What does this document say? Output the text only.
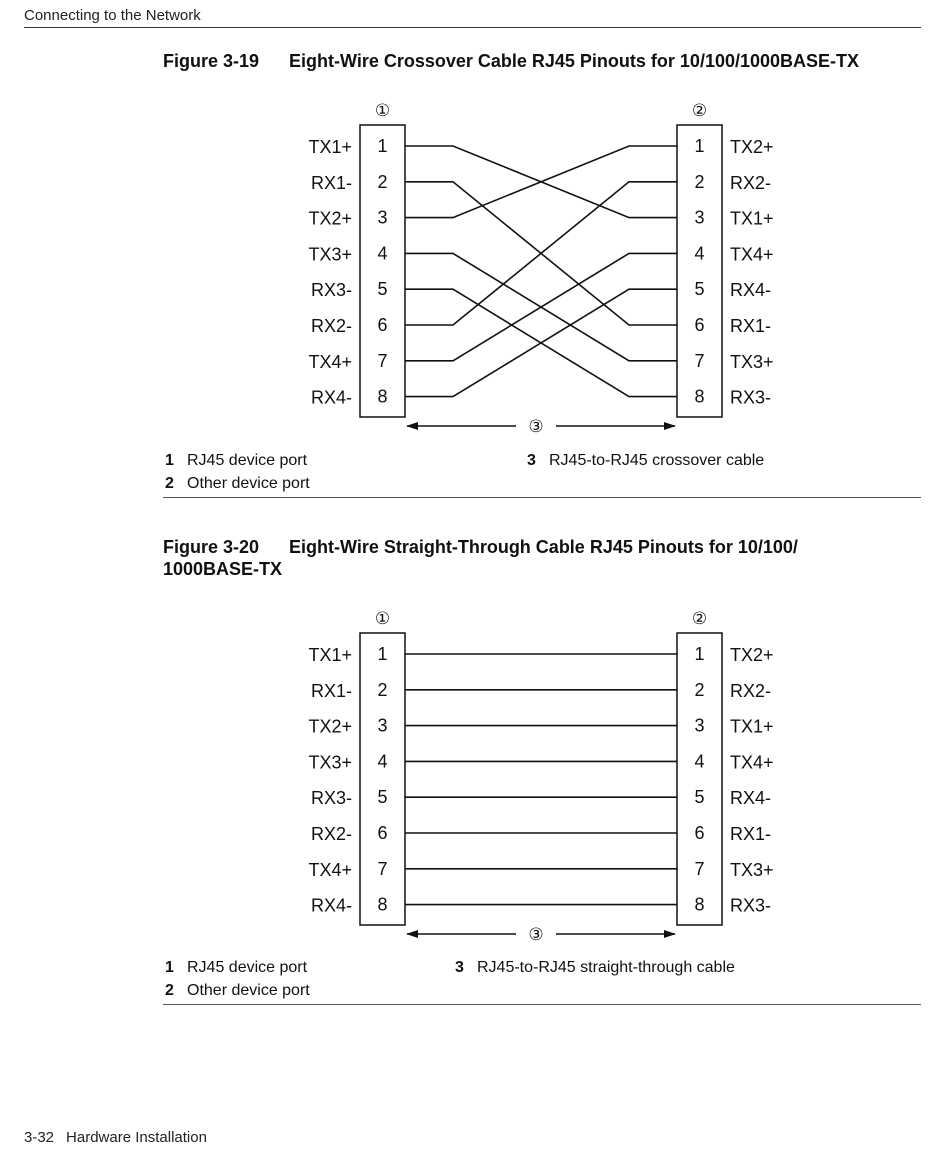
Connecting to the Network
Figure 3-19 Eight-Wire Crossover Cable RJ45 Pinouts for 10/100/1000BASE-TX
①	②
1	1
TX1+	TX2+
2	2
RX1-	RX2-
3	3
TX2+	TX1+
4	4
TX3+	TX4+
5	5
RX3-	RX4-
6	6
RX2-	RX1-
7	7
TX4+	TX3+
8	8
RX4-	RX3-
③
1 RJ45 device port
2 Other device port
3 RJ45-to-RJ45 crossover cable
Figure 3-20 Eight-Wire Straight-Through Cable RJ45 Pinouts for 10/100/
1000BASE-TX
①	②
1	1
TX1+	TX2+
2	2
RX1-	RX2-
3	3
TX2+	TX1+
4	4
TX3+	TX4+
5	5
RX3-	RX4-
6	6
RX2-	RX1-
7	7
TX4+	TX3+
8	8
RX4-	RX3-
③
1 RJ45 device port
2 Other device port
3 RJ45-to-RJ45 straight-through cable
3-32 Hardware Installation
